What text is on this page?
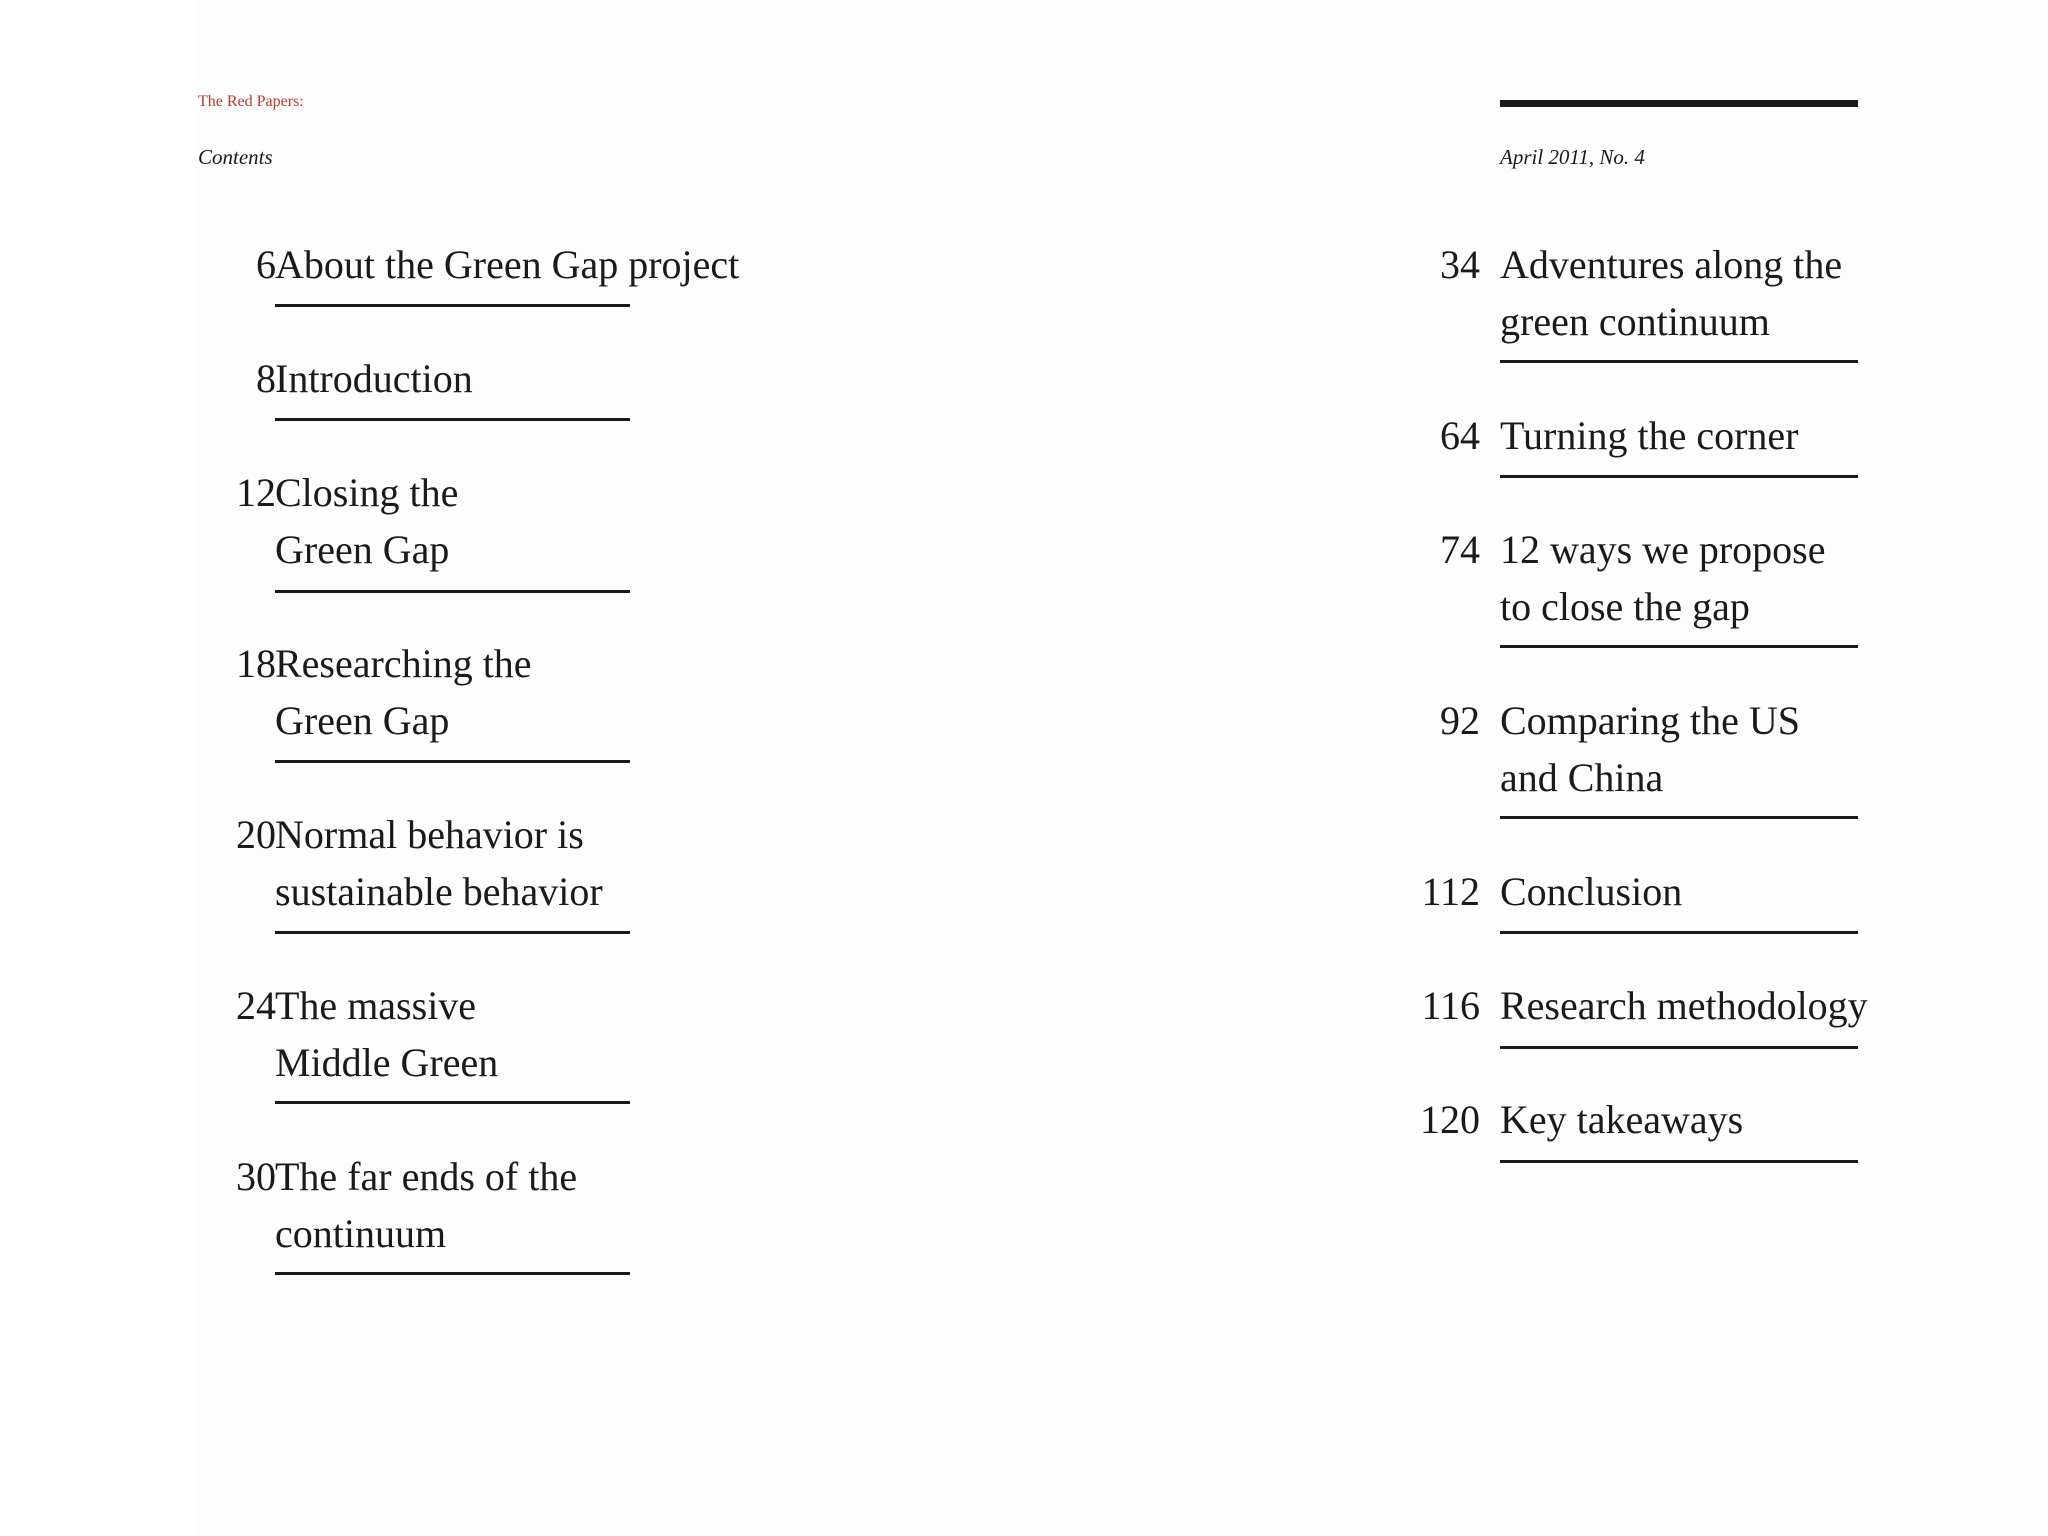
The Red Papers:
Contents	April 2011, No. 4
6 About the Green Gap project
8 Introduction
12 Closing the
Green Gap
18 Researching the
Green Gap
20 Normal behavior is
sustainable behavior
24 The massive
Middle Green
30 The far ends of the
continuum
34 Adventures along the
green continuum
64 Turning the corner
74 12 ways we propose
to close the gap
92 Comparing the US
and China
112 Conclusion
116 Research methodology
120 Key takeaways
